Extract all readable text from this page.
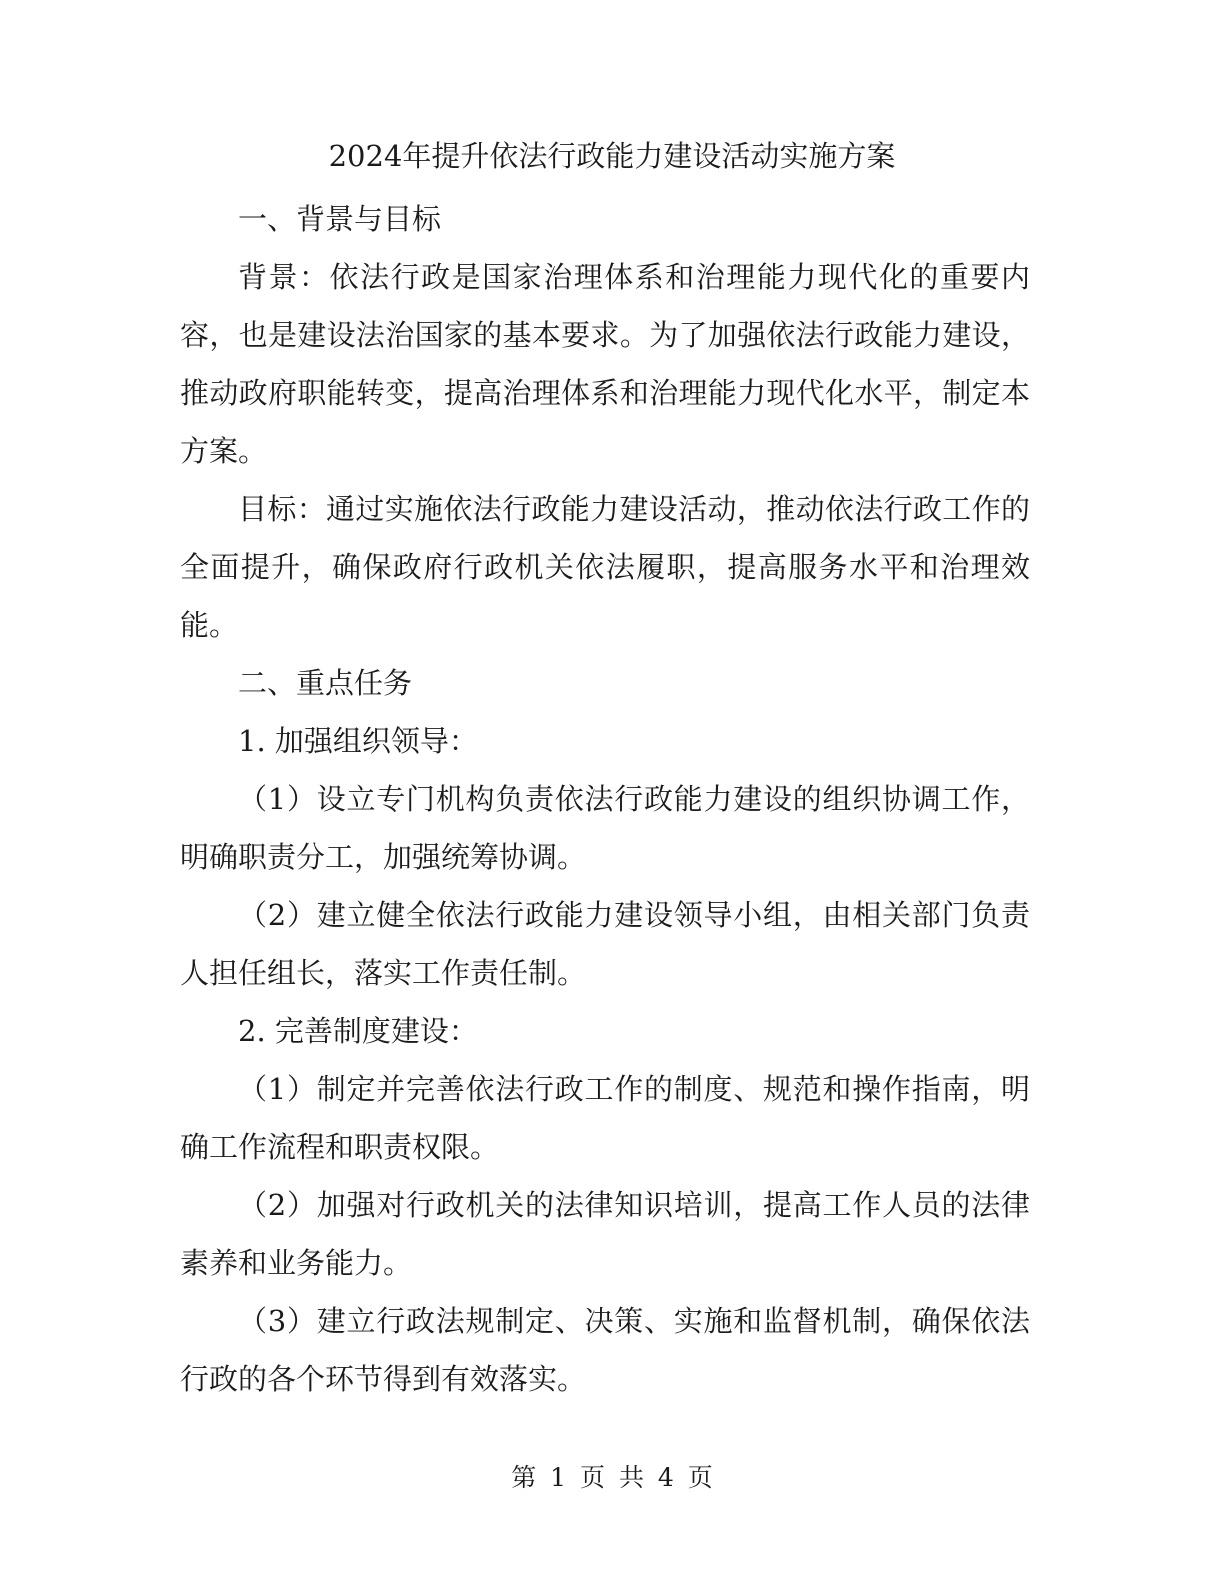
2024年提升依法行政能力建设活动实施方案

一、背景与目标

背景：依法行政是国家治理体系和治理能力现代化的重要内容，也是建设法治国家的基本要求。为了加强依法行政能力建设，推动政府职能转变，提高治理体系和治理能力现代化水平，制定本方案。

目标：通过实施依法行政能力建设活动，推动依法行政工作的全面提升，确保政府行政机关依法履职，提高服务水平和治理效能。

二、重点任务

1. 加强组织领导：

（1）设立专门机构负责依法行政能力建设的组织协调工作，明确职责分工，加强统筹协调。

（2）建立健全依法行政能力建设领导小组，由相关部门负责人担任组长，落实工作责任制。

2. 完善制度建设：

（1）制定并完善依法行政工作的制度、规范和操作指南，明确工作流程和职责权限。

（2）加强对行政机关的法律知识培训，提高工作人员的法律素养和业务能力。

（3）建立行政法规制定、决策、实施和监督机制，确保依法行政的各个环节得到有效落实。

第 1 页 共 4 页
